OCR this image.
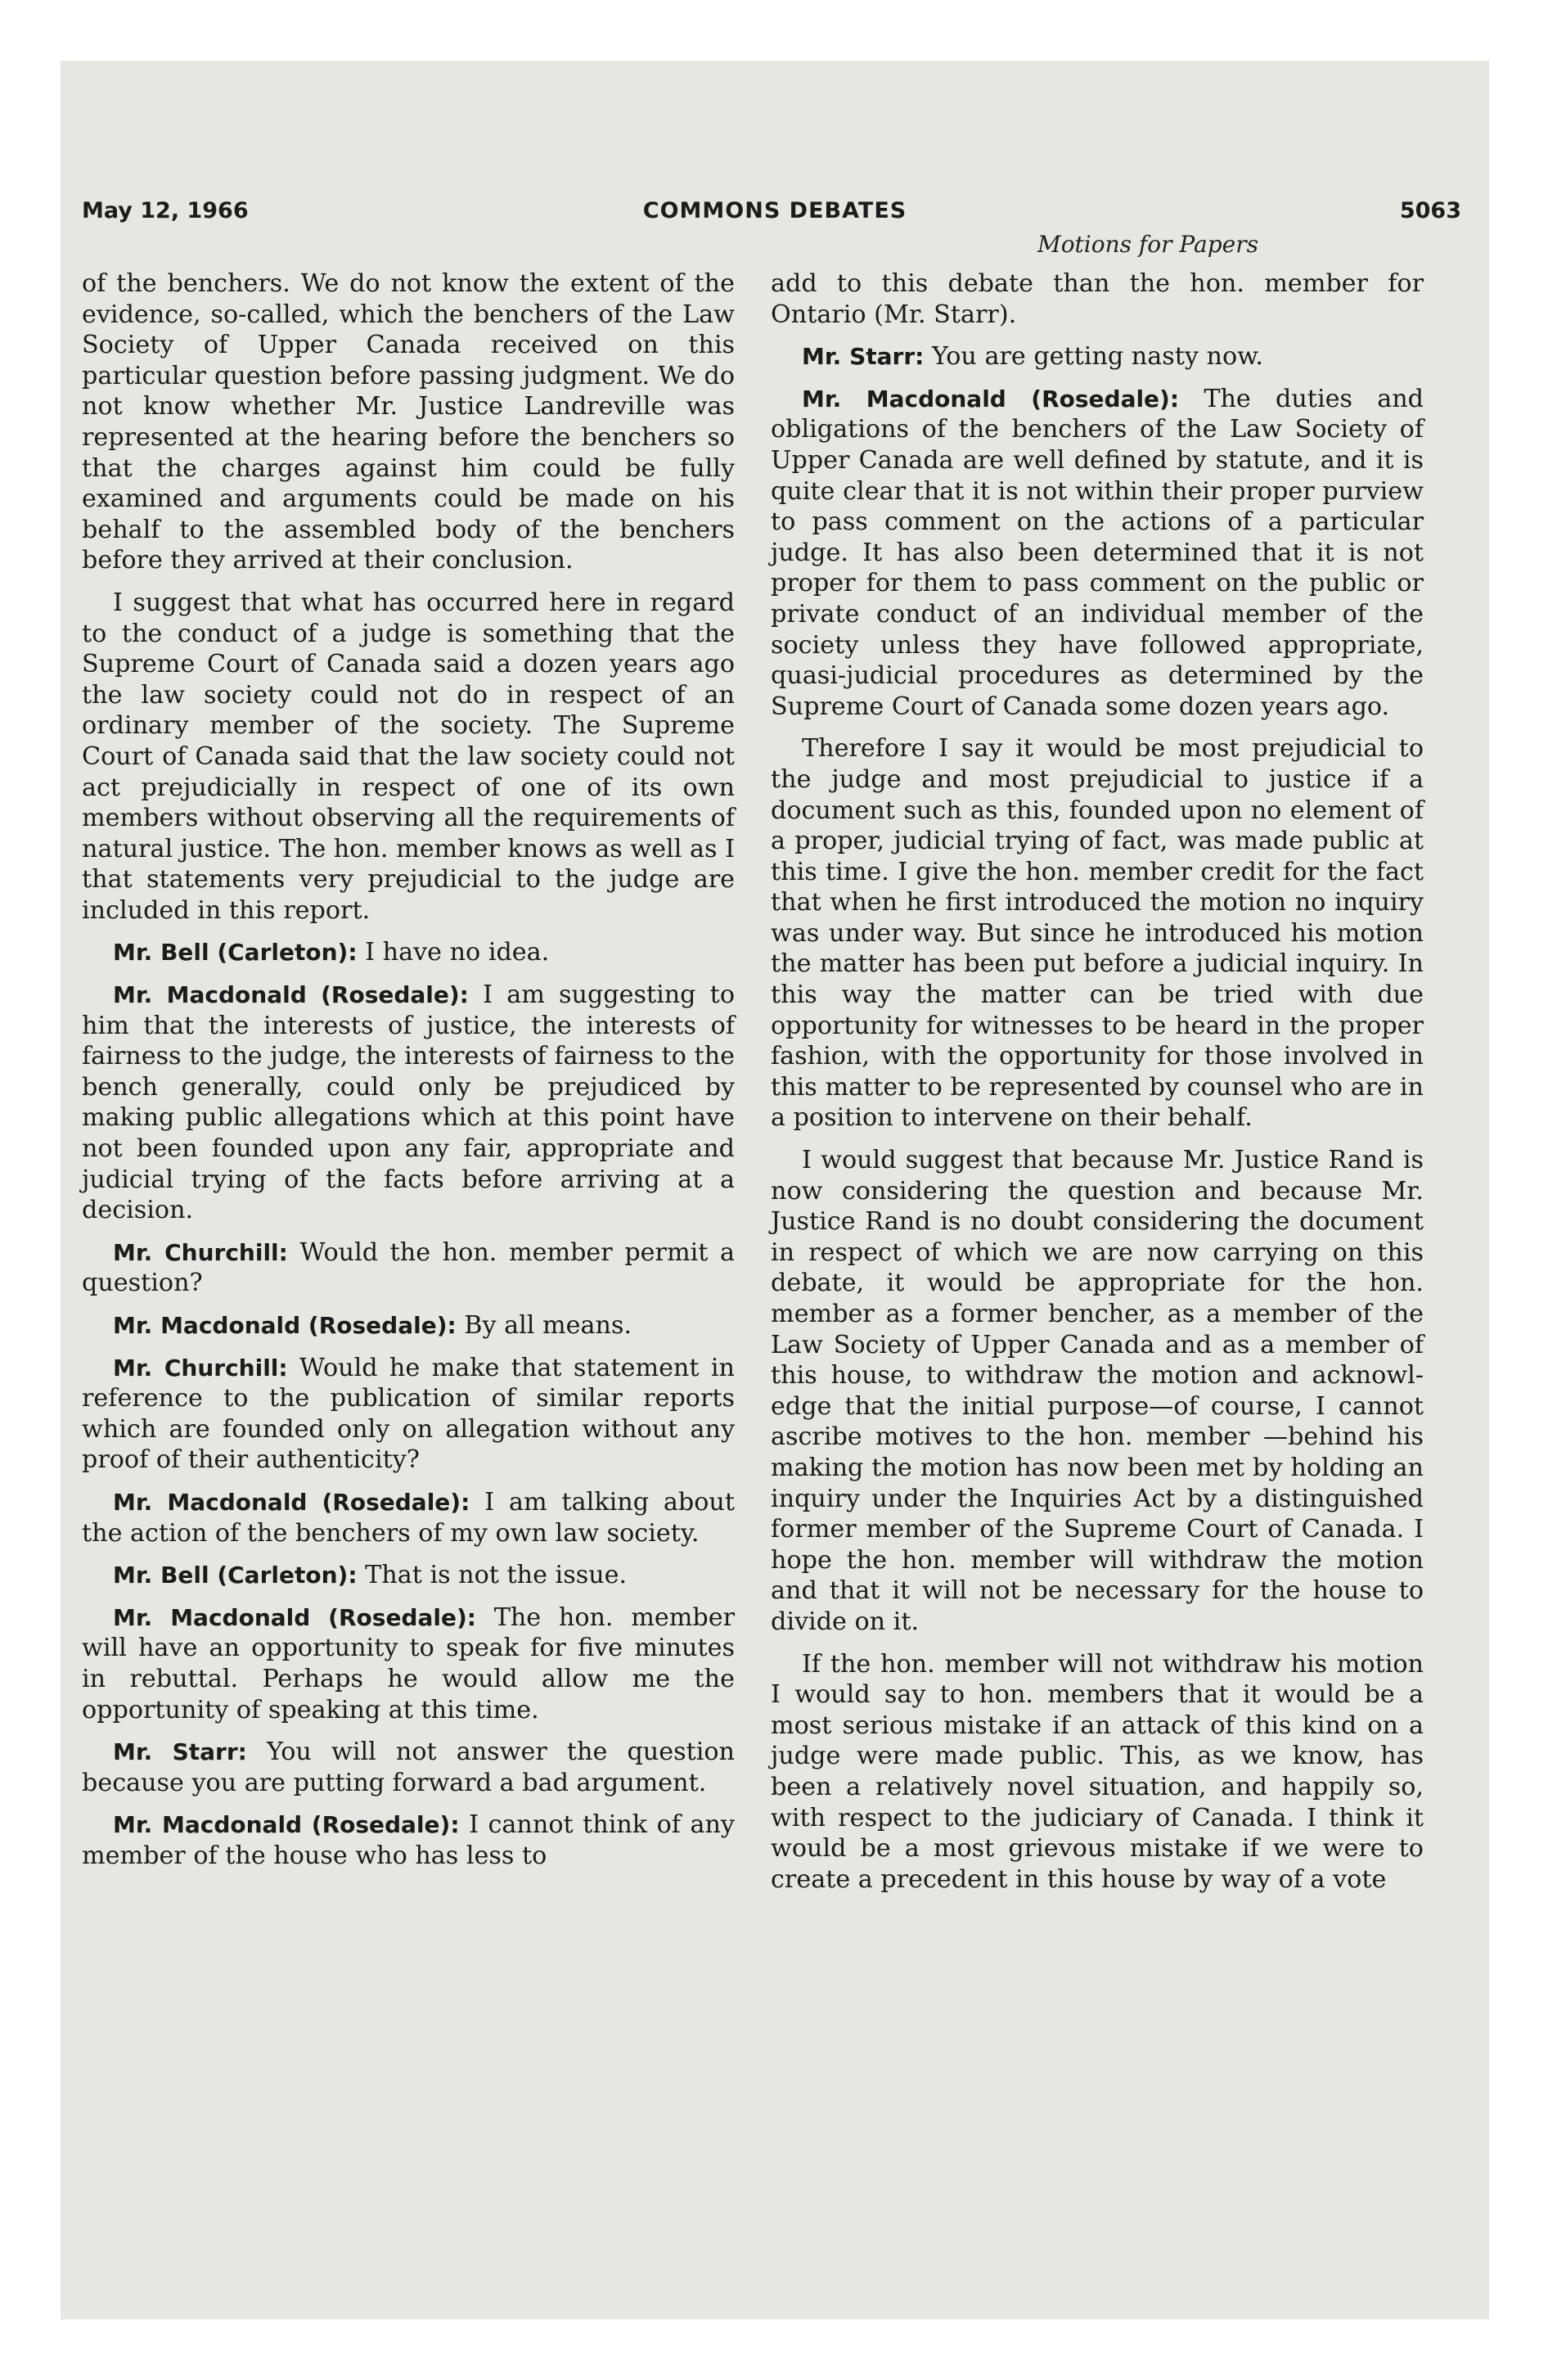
May 12, 1966	COMMONS DEBATES	5063
Motions for Papers

of the benchers. We do not know the extent of the evidence, so-called, which the benchers of the Law Society of Upper Canada received on this particular question before passing judgment. We do not know whether Mr. Justice Landreville was represented at the hearing before the benchers so that the charges against him could be fully examined and arguments could be made on his behalf to the assembled body of the benchers before they arrived at their conclusion.

I suggest that what has occurred here in regard to the conduct of a judge is something that the Supreme Court of Canada said a dozen years ago the law society could not do in respect of an ordinary member of the society. The Supreme Court of Canada said that the law society could not act prejudicially in respect of one of its own members without observing all the requirements of natural justice. The hon. member knows as well as I that statements very prejudicial to the judge are included in this report.

Mr. Bell (Carleton): I have no idea.

Mr. Macdonald (Rosedale): I am suggesting to him that the interests of justice, the interests of fairness to the judge, the interests of fairness to the bench generally, could only be prejudiced by making public allegations which at this point have not been founded upon any fair, appropriate and judicial trying of the facts before arriving at a decision.

Mr. Churchill: Would the hon. member permit a question?

Mr. Macdonald (Rosedale): By all means.

Mr. Churchill: Would he make that statement in reference to the publication of similar reports which are founded only on allegation without any proof of their authenticity?

Mr. Macdonald (Rosedale): I am talking about the action of the benchers of my own law society.

Mr. Bell (Carleton): That is not the issue.

Mr. Macdonald (Rosedale): The hon. member will have an opportunity to speak for five minutes in rebuttal. Perhaps he would allow me the opportunity of speaking at this time.

Mr. Starr: You will not answer the question because you are putting forward a bad argument.

Mr. Macdonald (Rosedale): I cannot think of any member of the house who has less to

add to this debate than the hon. member for Ontario (Mr. Starr).

Mr. Starr: You are getting nasty now.

Mr. Macdonald (Rosedale): The duties and obligations of the benchers of the Law Society of Upper Canada are well defined by statute, and it is quite clear that it is not within their proper purview to pass comment on the actions of a particular judge. It has also been determined that it is not proper for them to pass comment on the public or private conduct of an individual member of the society unless they have followed appropriate, quasi-judicial procedures as determined by the Supreme Court of Canada some dozen years ago.

Therefore I say it would be most prejudicial to the judge and most prejudicial to justice if a document such as this, founded upon no element of a proper, judicial trying of fact, was made public at this time. I give the hon. member credit for the fact that when he first introduced the motion no inquiry was under way. But since he introduced his motion the matter has been put before a judicial inquiry. In this way the matter can be tried with due opportunity for witnesses to be heard in the proper fashion, with the opportunity for those involved in this matter to be represented by counsel who are in a position to intervene on their behalf.

I would suggest that because Mr. Justice Rand is now considering the question and because Mr. Justice Rand is no doubt considering the document in respect of which we are now carrying on this debate, it would be appropriate for the hon. member as a former bencher, as a member of the Law Society of Upper Canada and as a member of this house, to withdraw the motion and acknowledge that the initial purpose—of course, I cannot ascribe motives to the hon. member —behind his making the motion has now been met by holding an inquiry under the Inquiries Act by a distinguished former member of the Supreme Court of Canada. I hope the hon. member will withdraw the motion and that it will not be necessary for the house to divide on it.

If the hon. member will not withdraw his motion I would say to hon. members that it would be a most serious mistake if an attack of this kind on a judge were made public. This, as we know, has been a relatively novel situation, and happily so, with respect to the judiciary of Canada. I think it would be a most grievous mistake if we were to create a precedent in this house by way of a vote
